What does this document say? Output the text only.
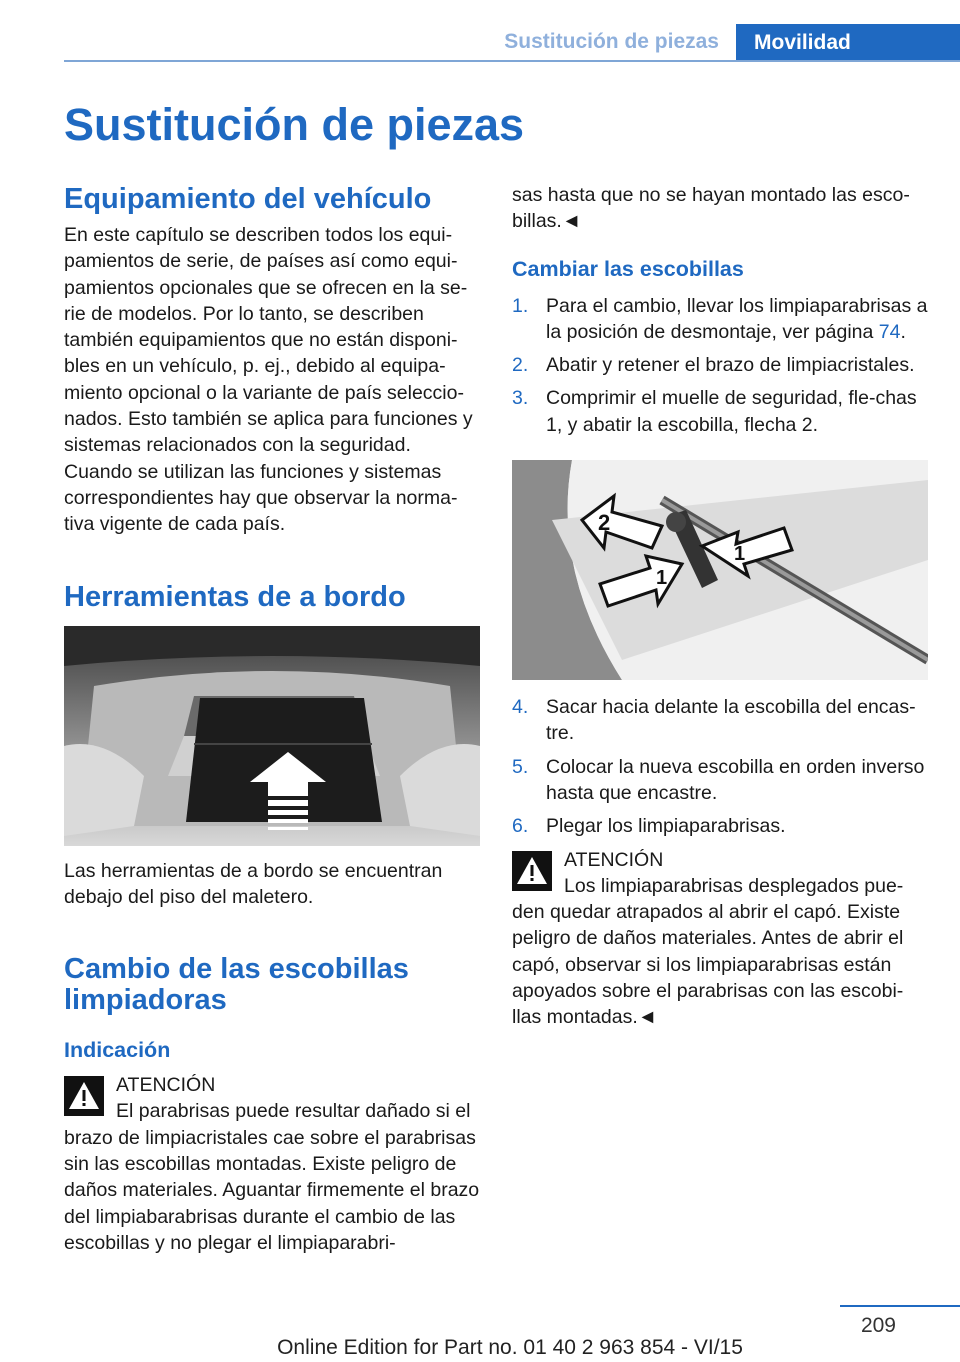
Sustitución de piezas	Movilidad
Sustitución de piezas
Equipamiento del vehículo

En este capítulo se describen todos los equi-pamientos de serie, de países así como equi-pamientos opcionales que se ofrecen en la se-rie de modelos. Por lo tanto, se describen también equipamientos que no están disponi-bles en un vehículo, p. ej., debido al equipa-miento opcional o la variante de país seleccio-nados. Esto también se aplica para funciones y sistemas relacionados con la seguridad. Cuando se utilizan las funciones y sistemas correspondientes hay que observar la norma-tiva vigente de cada país.

Herramientas de a bordo

Las herramientas de a bordo se encuentran debajo del piso del maletero.

Cambio de las escobillas limpiadoras
Indicación
ATENCIÓN
El parabrisas puede resultar dañado si el

brazo de limpiacristales cae sobre el parabrisas sin las escobillas montadas. Existe peligro de daños materiales. Aguantar firmemente el brazo del limpiabarabrisas durante el cambio de las escobillas y no plegar el limpiaparabri-

sas hasta que no se hayan montado las esco-billas.◄

Cambiar las escobillas
1. Para el cambio, llevar los limpiaparabrisas a la posición de desmontaje, ver página 74.
2. Abatir y retener el brazo de limpiacristales.
3. Comprimir el muelle de seguridad, fle-chas 1, y abatir la escobilla, flecha 2.
2
1
1
4. Sacar hacia delante la escobilla del encas-tre.
5. Colocar la nueva escobilla en orden inverso hasta que encastre.
6. Plegar los limpiaparabrisas.
ATENCIÓN
Los limpiaparabrisas desplegados pue-

den quedar atrapados al abrir el capó. Existe peligro de daños materiales. Antes de abrir el capó, observar si los limpiaparabrisas están apoyados sobre el parabrisas con las escobi-llas montadas.◄

209
Online Edition for Part no. 01 40 2 963 854 - VI/15
